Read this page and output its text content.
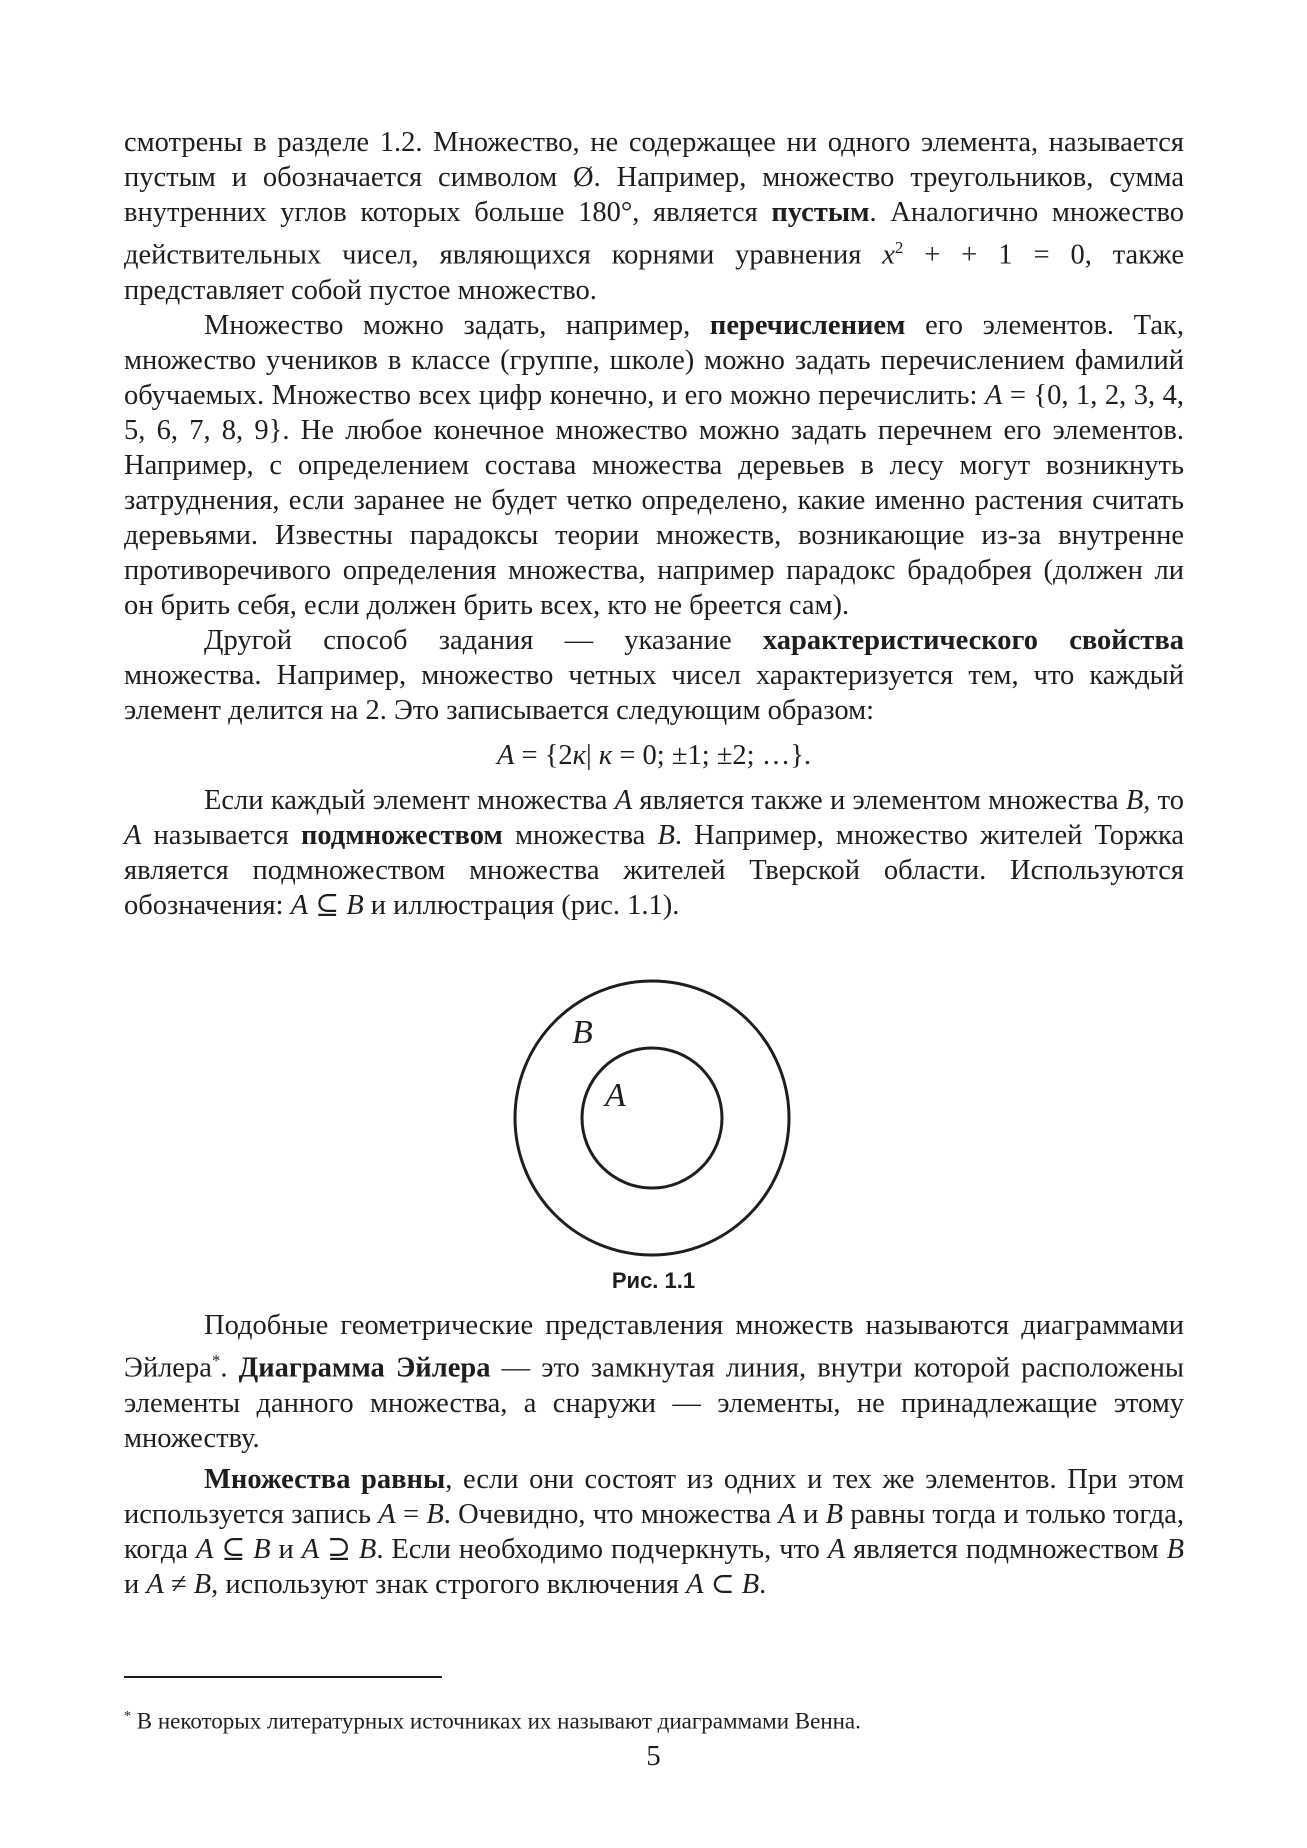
смотрены в разделе 1.2. Множество, не содержащее ни одного элемента, называется пустым и обозначается символом Ø. Например, множество треугольников, сумма внутренних углов которых больше 180°, является пустым. Аналогично множество действительных чисел, являющихся корнями уравнения $x^2$ + + 1 = 0, также представляет собой пустое множество.

Множество можно задать, например, перечислением его элементов. Так, множество учеников в классе (группе, школе) можно задать перечислением фамилий обучаемых. Множество всех цифр конечно, и его можно перечислить: A = {0, 1, 2, 3, 4, 5, 6, 7, 8, 9}. Не любое конечное множество можно задать перечнем его элементов. Например, с определением состава множества деревьев в лесу могут возникнуть затруднения, если заранее не будет четко определено, какие именно растения считать деревьями. Известны парадоксы теории множеств, возникающие из-за внутренне противоречивого определения множества, например парадокс брадобрея (должен ли он брить себя, если должен брить всех, кто не бреется сам).

Другой способ задания — указание характеристического свойства множества. Например, множество четных чисел характеризуется тем, что каждый элемент делится на 2. Это записывается следующим образом:

A = {2к| к = 0; ±1; ±2; …}.

Если каждый элемент множества A является также и элементом множества B, то A называется подмножеством множества B. Например, множество жителей Торжка является подмножеством множества жителей Тверской области. Используются обозначения: A ⊆ B и иллюстрация (рис. 1.1).

B
A
Рис. 1.1

Подобные геометрические представления множеств называются диаграммами Эйлера*. Диаграмма Эйлера — это замкнутая линия, внутри которой расположены элементы данного множества, а снаружи — элементы, не принадлежащие этому множеству.

Множества равны, если они состоят из одних и тех же элементов. При этом используется запись A = B. Очевидно, что множества A и B равны тогда и только тогда, когда A ⊆ B и A ⊇ B. Если необходимо подчеркнуть, что A является подмножеством B и A ≠ B, используют знак строгого включения A ⊂ B.

* В некоторых литературных источниках их называют диаграммами Венна.
5
